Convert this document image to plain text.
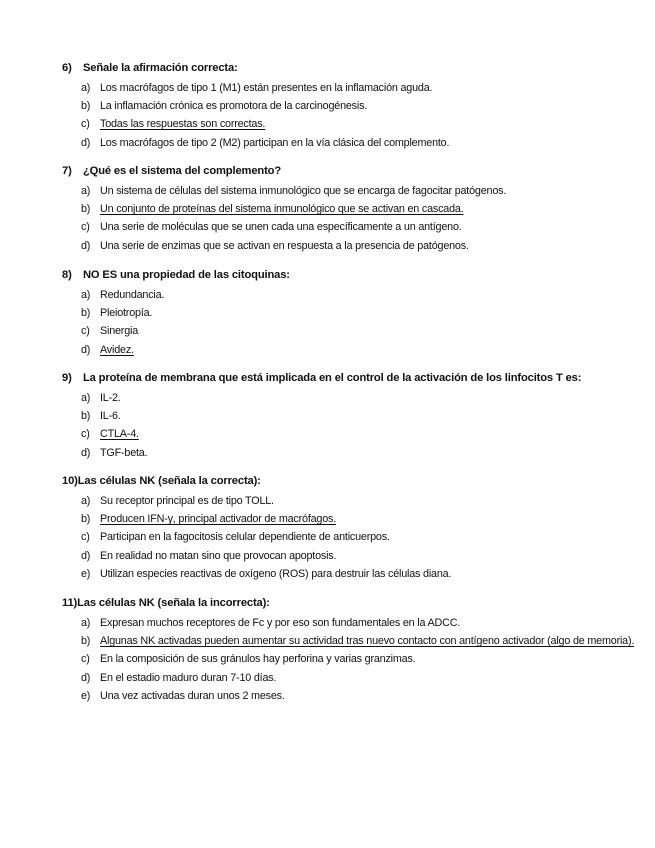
6) Señale la afirmación correcta:
a) Los macrófagos de tipo 1 (M1) están presentes en la inflamación aguda.
b) La inflamación crónica es promotora de la carcinogénesis.
c) Todas las respuestas son correctas.
d) Los macrófagos de tipo 2 (M2) participan en la vía clásica del complemento.
7) ¿Qué es el sistema del complemento?
a) Un sistema de células del sistema inmunológico que se encarga de fagocitar patógenos.
b) Un conjunto de proteínas del sistema inmunológico que se activan en cascada.
c) Una serie de moléculas que se unen cada una específicamente a un antígeno.
d) Una serie de enzimas que se activan en respuesta a la presencia de patógenos.
8) NO ES una propiedad de las citoquinas:
a) Redundancia.
b) Pleiotropía.
c) Sinergia
d) Avidez.
9) La proteína de membrana que está implicada en el control de la activación de los linfocitos T es:
a) IL-2.
b) IL-6.
c) CTLA-4.
d) TGF-beta.
10)Las células NK (señala la correcta):
a) Su receptor principal es de tipo TOLL.
b) Producen IFN-γ, principal activador de macrófagos.
c) Participan en la fagocitosis celular dependiente de anticuerpos.
d) En realidad no matan sino que provocan apoptosis.
e) Utilizan especies reactivas de oxígeno (ROS) para destruir las células diana.
11)Las células NK (señala la incorrecta):
a) Expresan muchos receptores de Fc y por eso son fundamentales en la ADCC.
b) Algunas NK activadas pueden aumentar su actividad tras nuevo contacto con antígeno activador (algo de memoria).
c) En la composición de sus gránulos hay perforina y varias granzimas.
d) En el estadio maduro duran 7-10 días.
e) Una vez activadas duran unos 2 meses.
